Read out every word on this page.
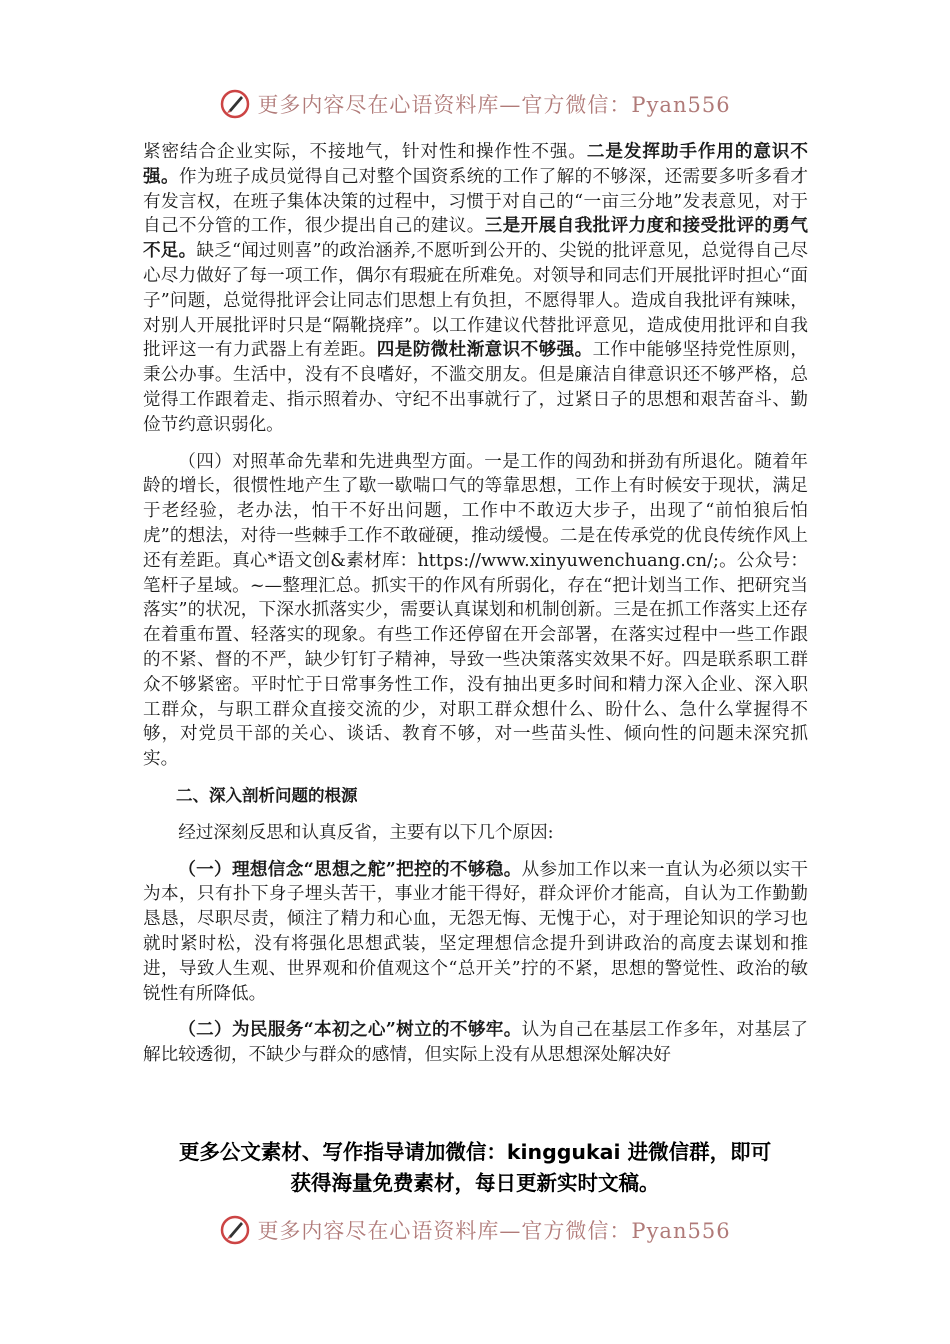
更多内容尽在心语资料库—官方微信：Pyan556

紧密结合企业实际，不接地气，针对性和操作性不强。二是发挥助手作用的意识不强。作为班子成员觉得自己对整个国资系统的工作了解的不够深，还需要多听多看才有发言权，在班子集体决策的过程中，习惯于对自己的“一亩三分地”发表意见，对于自己不分管的工作，很少提出自己的建议。三是开展自我批评力度和接受批评的勇气不足。缺乏“闻过则喜”的政治涵养,不愿听到公开的、尖锐的批评意见，总觉得自己尽心尽力做好了每一项工作，偶尔有瑕疵在所难免。对领导和同志们开展批评时担心“面子”问题，总觉得批评会让同志们思想上有负担，不愿得罪人。造成自我批评有辣味，对别人开展批评时只是“隔靴挠痒”。以工作建议代替批评意见，造成使用批评和自我批评这一有力武器上有差距。四是防微杜渐意识不够强。工作中能够坚持党性原则，秉公办事。生活中，没有不良嗜好，不滥交朋友。但是廉洁自律意识还不够严格，总觉得工作跟着走、指示照着办、守纪不出事就行了，过紧日子的思想和艰苦奋斗、勤俭节约意识弱化。

（四）对照革命先辈和先进典型方面。一是工作的闯劲和拼劲有所退化。随着年龄的增长，很惯性地产生了歇一歇喘口气的等靠思想，工作上有时候安于现状，满足于老经验，老办法，怕干不好出问题，工作中不敢迈大步子，出现了“前怕狼后怕虎”的想法，对待一些棘手工作不敢碰硬，推动缓慢。二是在传承党的优良传统作风上还有差距。真心*语文创&素材库：https://www.xinyuwenchuang.cn/;。公众号：笔杆子星域。~—整理汇总。抓实干的作风有所弱化，存在“把计划当工作、把研究当落实”的状况，下深水抓落实少，需要认真谋划和机制创新。三是在抓工作落实上还存在着重布置、轻落实的现象。有些工作还停留在开会部署，在落实过程中一些工作跟的不紧、督的不严，缺少钉钉子精神，导致一些决策落实效果不好。四是联系职工群众不够紧密。平时忙于日常事务性工作，没有抽出更多时间和精力深入企业、深入职工群众，与职工群众直接交流的少，对职工群众想什么、盼什么、急什么掌握得不够，对党员干部的关心、谈话、教育不够，对一些苗头性、倾向性的问题未深究抓实。

二、深入剖析问题的根源

经过深刻反思和认真反省，主要有以下几个原因:

（一）理想信念“思想之舵”把控的不够稳。从参加工作以来一直认为必须以实干为本，只有扑下身子埋头苦干，事业才能干得好，群众评价才能高，自认为工作勤勤恳恳，尽职尽责，倾注了精力和心血，无怨无悔、无愧于心，对于理论知识的学习也就时紧时松，没有将强化思想武装，坚定理想信念提升到讲政治的高度去谋划和推进，导致人生观、世界观和价值观这个“总开关”拧的不紧，思想的警觉性、政治的敏锐性有所降低。

（二）为民服务“本初之心”树立的不够牢。认为自己在基层工作多年，对基层了解比较透彻，不缺少与群众的感情，但实际上没有从思想深处解决好

更多公文素材、写作指导请加微信：kinggukai 进微信群，即可
获得海量免费素材，每日更新实时文稿。
更多内容尽在心语资料库—官方微信：Pyan556
